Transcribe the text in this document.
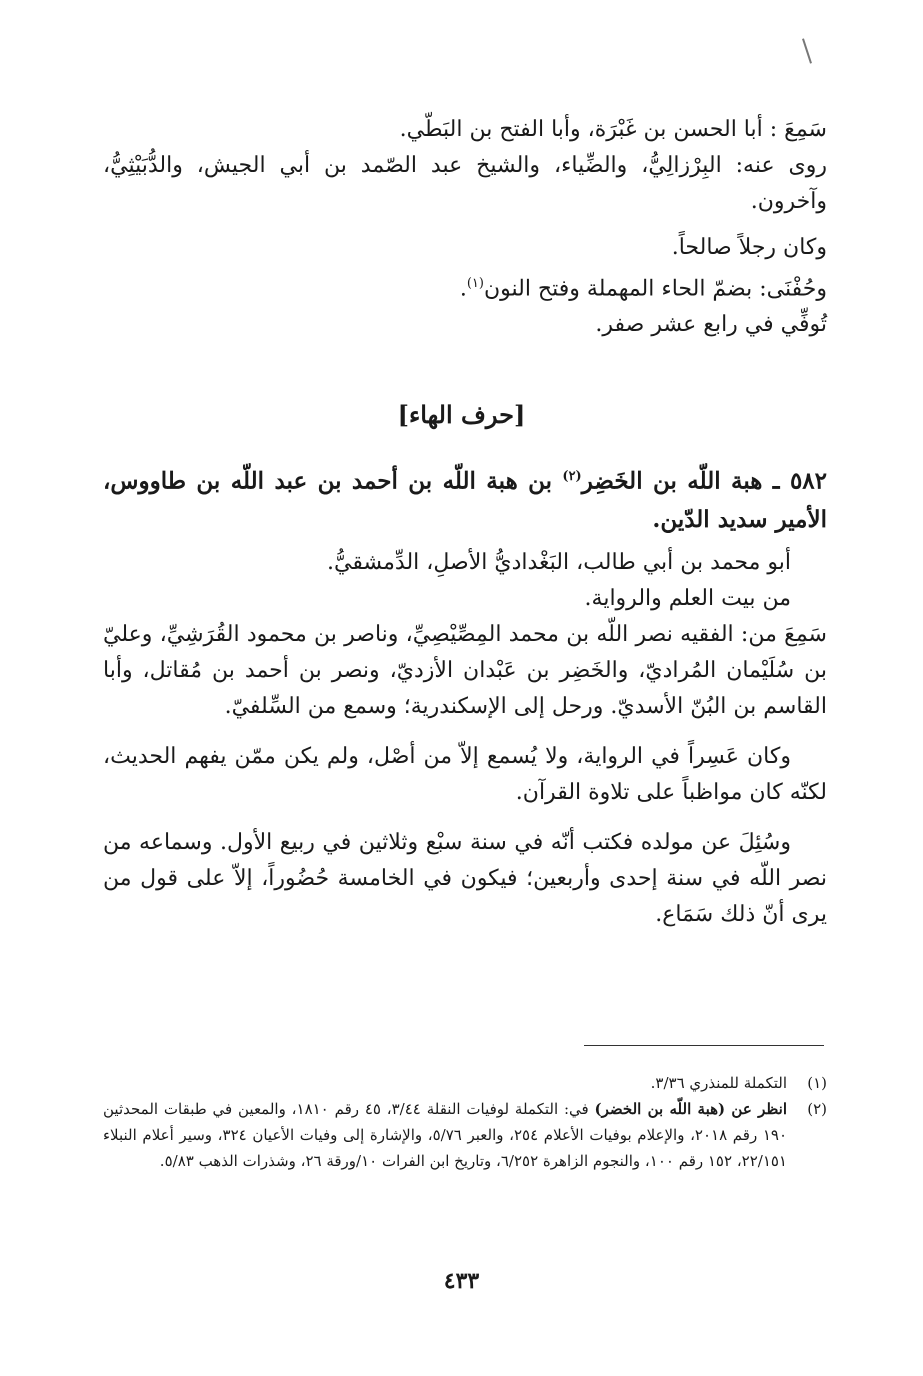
سَمِعَ : أبا الحسن بن غَبْرَة، وأبا الفتح بن البَطّي.

روى عنه: البِرْزالِيُّ، والضِّياء، والشيخ عبد الصّمد بن أبي الجيش، والدُّبَيْثِيُّ، وآخرون.

وكان رجلاً صالحاً.

وحُفْنَى: بضمّ الحاء المهملة وفتح النون$^{(١)}$.

تُوفِّي في رابع عشر صفر.

[حرف الهاء]

٥٨٢ ـ هبة اللّه بن الخَضِر$^{(٢)}$ بن هبة اللّه بن أحمد بن عبد اللّه بن طاووس، الأمير سديد الدّين.

أبو محمد بن أبي طالب، البَغْداديُّ الأصلِ، الدِّمشقيُّ.

من بيت العلم والرواية.

سَمِعَ من: الفقيه نصر اللّه بن محمد المِصِّيْصِيِّ، وناصر بن محمود القُرَشِيِّ، وعليّ بن سُلَيْمان المُراديّ، والخَضِر بن عَبْدان الأزديّ، ونصر بن أحمد بن مُقاتل، وأبا القاسم بن البُنّ الأسديّ. ورحل إلى الإسكندرية؛ وسمع من السِّلفيّ.

وكان عَسِراً في الرواية، ولا يُسمع إلاّ من أصْل، ولم يكن ممّن يفهم الحديث، لكنّه كان مواظباً على تلاوة القرآن.

وسُئِلَ عن مولده فكتب أنّه في سنة سبْع وثلاثين في ربيع الأول. وسماعه من نصر اللّه في سنة إحدى وأربعين؛ فيكون في الخامسة حُضُوراً، إلاّ على قول من يرى أنّ ذلك سَمَاع.

(١)
التكملة للمنذري ٣/٣٦.

(٢)
انظر عن (هبة اللّه بن الخضر) في: التكملة لوفيات النقلة ٣/٤٤، ٤٥ رقم ١٨١٠، والمعين في طبقات المحدثين ١٩٠ رقم ٢٠١٨، والإعلام بوفيات الأعلام ٢٥٤، والعبر ٥/٧٦، والإشارة إلى وفيات الأعيان ٣٢٤، وسير أعلام النبلاء ٢٢/١٥١، ١٥٢ رقم ١٠٠، والنجوم الزاهرة ٦/٢٥٢، وتاريخ ابن الفرات ١٠/ورقة ٢٦، وشذرات الذهب ٥/٨٣.

٤٣٣
